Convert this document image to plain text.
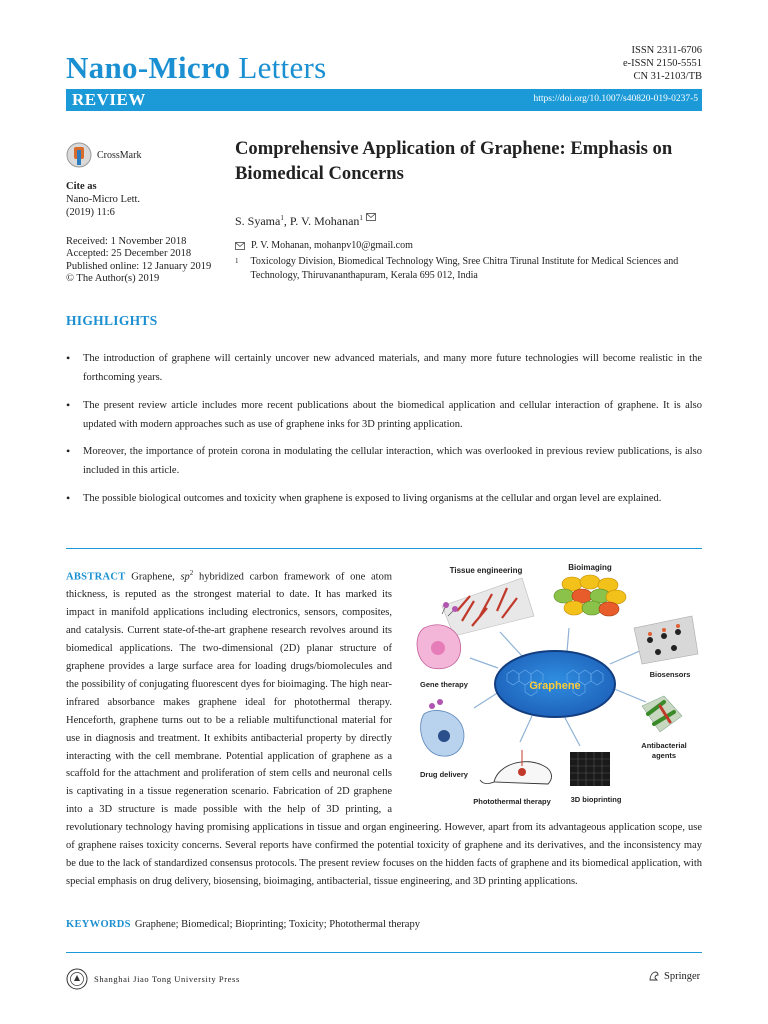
Nano-Micro Letters	ISSN 2311-6706
e-ISSN 2150-5551
CN 31-2103/TB
REVIEW	https://doi.org/10.1007/s40820-019-0237-5
CrossMark
Cite as
Nano-Micro Lett.
(2019) 11:6
Received: 1 November 2018
Accepted: 25 December 2018
Published online: 12 January 2019
© The Author(s) 2019
Comprehensive Application of Graphene: Emphasis on Biomedical Concerns
S. Syama$^1$, P. V. Mohanan$^1$
P. V. Mohanan, mohanpv10@gmail.com
1 Toxicology Division, Biomedical Technology Wing, Sree Chitra Tirunal Institute for Medical Sciences and Technology, Thiruvananthapuram, Kerala 695 012, India
HIGHLIGHTS
• The introduction of graphene will certainly uncover new advanced materials, and many more future technologies will become realistic in the forthcoming years.
• The present review article includes more recent publications about the biomedical application and cellular interaction of graphene. It is also updated with modern approaches such as use of graphene inks for 3D printing application.
• Moreover, the importance of protein corona in modulating the cellular interaction, which was overlooked in previous review publications, is also included in this article.
• The possible biological outcomes and toxicity when graphene is exposed to living organisms at the cellular and organ level are explained.
Graphene
Tissue engineering	Bioimaging
Gene therapy
Biosensors
Antibacterial
agents
Drug delivery
Photothermal therapy	3D bioprinting
ABSTRACT Graphene, $sp^2$ hybridized carbon framework of one atom thickness, is reputed as the strongest material to date. It has marked its impact in manifold applications including electronics, sensors, composites, and catalysis. Current state-of-the-art graphene research revolves around its biomedical applications. The two-dimensional (2D) planar structure of graphene provides a large surface area for loading drugs/biomolecules and the possibility of conjugating fluorescent dyes for bioimaging. The high near-infrared absorbance makes graphene ideal for photothermal therapy. Henceforth, graphene turns out to be a reliable multifunctional material for use in diagnosis and treatment. It exhibits antibacterial property by directly interacting with the cell membrane. Potential application of graphene as a scaffold for the attachment and proliferation of stem cells and neuronal cells is captivating in a tissue regeneration scenario. Fabrication of 2D graphene into a 3D structure is made possible with the help of 3D printing, a revolutionary technology having promising applications in tissue and organ engineering. However, apart from its advantageous application scope, use of graphene raises toxicity concerns. Several reports have confirmed the potential toxicity of graphene and its derivatives, and the inconsistency may be due to the lack of standardized consensus protocols. The present review focuses on the hidden facts of graphene and its biomedical application, with special emphasis on drug delivery, biosensing, bioimaging, antibacterial, tissue engineering, and 3D printing applications.
KEYWORDS Graphene; Biomedical; Bioprinting; Toxicity; Photothermal therapy
Shanghai Jiao Tong University Press	Springer
